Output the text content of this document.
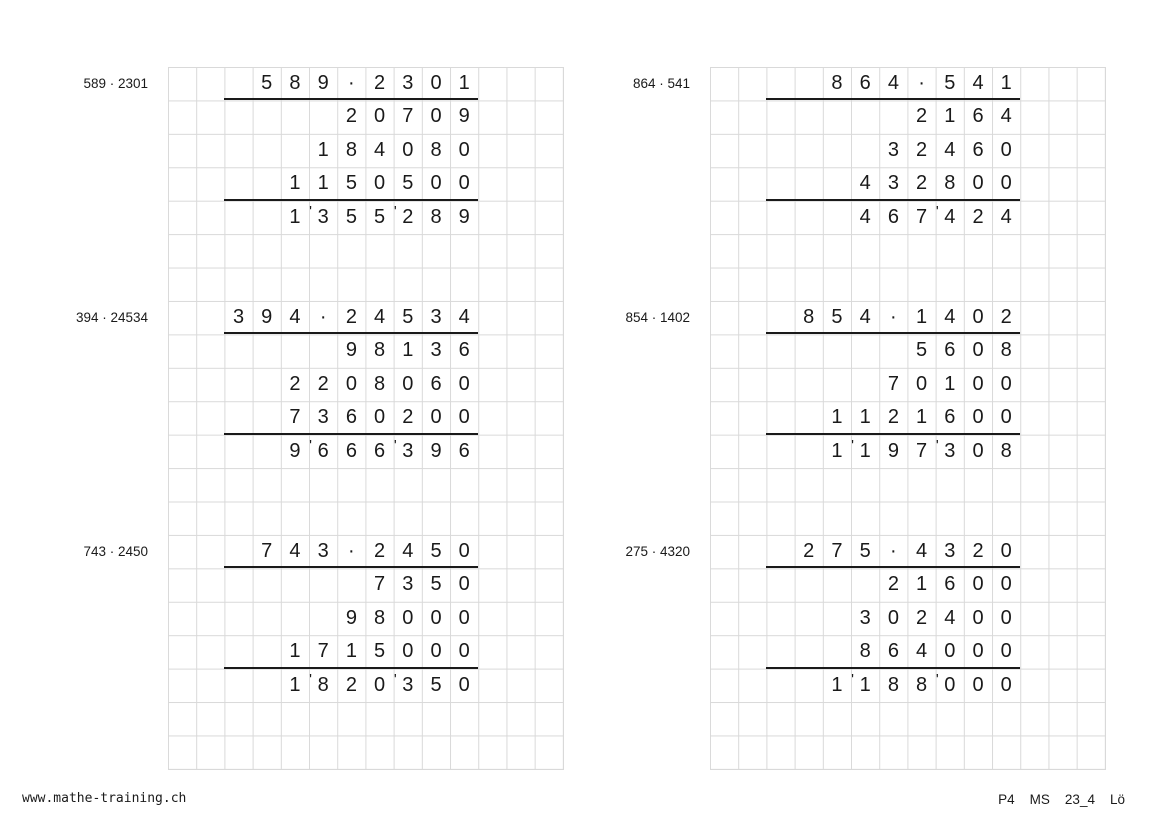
www.mathe-training.ch	P4 MS 23_4 Lö
5 8 9 · 2 3 0 1
2 0 7 0 9
1 8 4 0 8 0
1 1 5 0 5 0 0
1 ' 3 5 5 ' 2 8 9
3 9 4 · 2 4 5 3 4
9 8 1 3 6
2 2 0 8 0 6 0
7 3 6 0 2 0 0
9 ' 6 6 6 ' 3 9 6
7 4 3 · 2 4 5 0
7 3 5 0
9 8 0 0 0
1 7 1 5 0 0 0
1 ' 8 2 0 ' 3 5 0
589 · 2301
394 · 24534
743 · 2450
8 6 4 · 5 4 1
2 1 6 4
3 2 4 6 0
4 3 2 8 0 0
4 6 7 ' 4 2 4
8 5 4 · 1 4 0 2
5 6 0 8
7 0 1 0 0
1 1 2 1 6 0 0
1 ' 1 9 7 ' 3 0 8
2 7 5 · 4 3 2 0
2 1 6 0 0
3 0 2 4 0 0
8 6 4 0 0 0
1 ' 1 8 8 ' 0 0 0
864 · 541
854 · 1402
275 · 4320
